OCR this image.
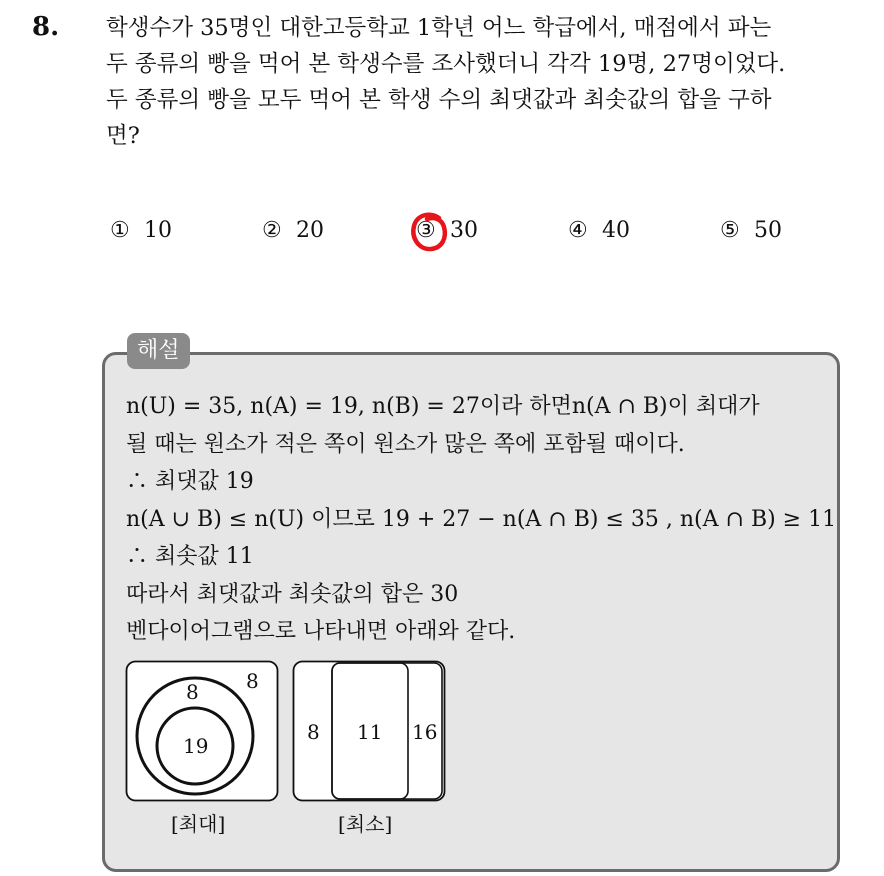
8. 학생수가 35명인 대한고등학교 1학년 어느 학급에서, 매점에서 파는
두 종류의 빵을 먹어 본 학생수를 조사했더니 각각 19명, 27명이었다.
두 종류의 빵을 모두 먹어 본 학생 수의 최댓값과 최솟값의 합을 구하
면?
① 10	② 20	③ 30	④ 40	⑤ 50
해설
n(U) = 35, n(A) = 19, n(B) = 27이라 하면n(A ∩ B)이 최대가
될 때는 원소가 적은 쪽이 원소가 많은 쪽에 포함될 때이다.
∴ 최댓값 19
n(A ∪ B) ≤ n(U) 이므로 19 + 27 − n(A ∩ B) ≤ 35 , n(A ∩ B) ≥ 11
∴ 최솟값 11
따라서 최댓값과 최솟값의 합은 30
벤다이어그램으로 나타내면 아래와 같다.
8
8
19
[최대]
8 11 16
[최소]
